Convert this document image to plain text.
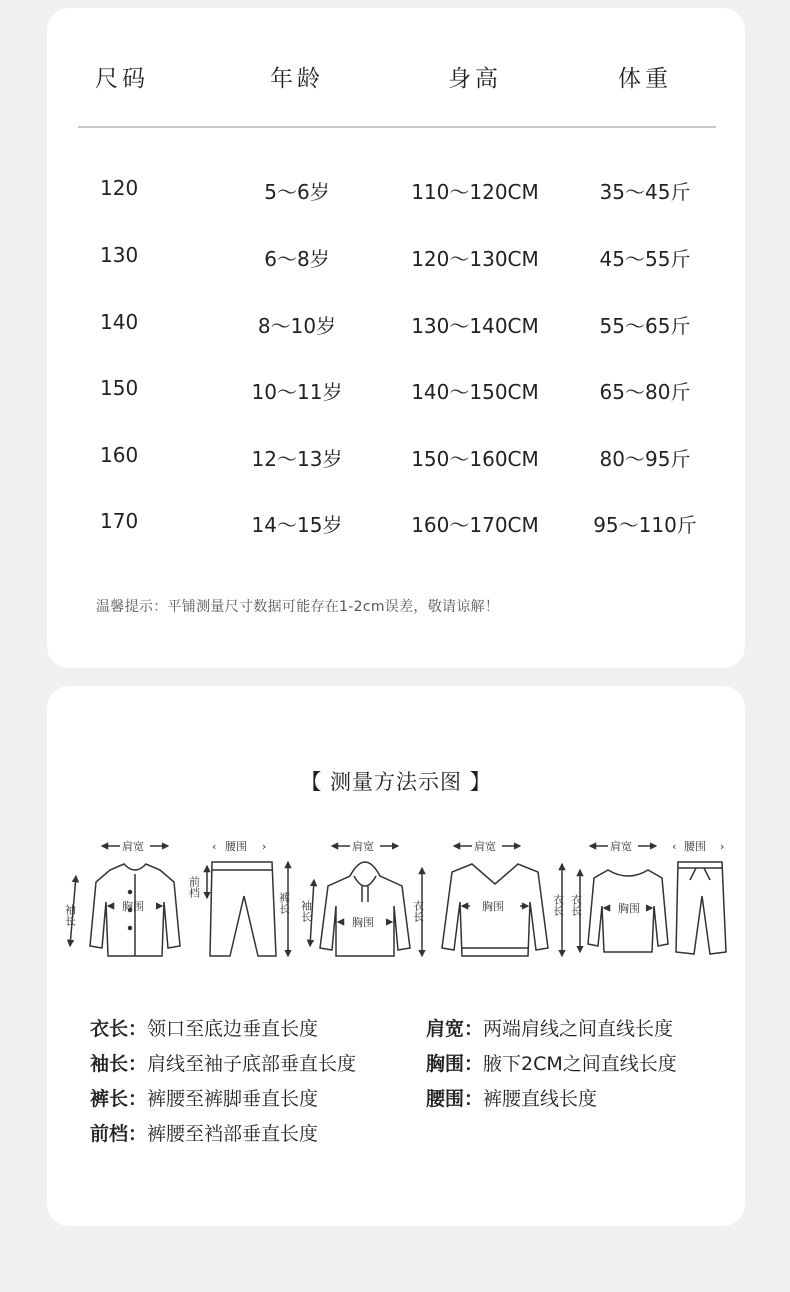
尺码	年龄	身高	体重
120	5～6岁	110～120CM	35～45斤
130	6～8岁	120～130CM	45～55斤
140	8～10岁	130～140CM	55～65斤
150	10～11岁	140～150CM	65～80斤
160	12～13岁	150～160CM	80～95斤
170	14～15岁	160～170CM	95～110斤
温馨提示：平铺测量尺寸数据可能存在1-2cm误差，敬请谅解！
【 测量方法示图 】
肩宽
胸围
袖长
‹ 腰围 ›
前档
裤长
肩宽
胸围
袖长	衣长
肩宽
胸围	衣长
肩宽
胸围
衣长
‹ 腰围 ›
衣长：领口至底边垂直长度	肩宽：两端肩线之间直线长度
袖长：肩线至袖子底部垂直长度	胸围：腋下2CM之间直线长度
裤长：裤腰至裤脚垂直长度	腰围：裤腰直线长度
前档：裤腰至裆部垂直长度
